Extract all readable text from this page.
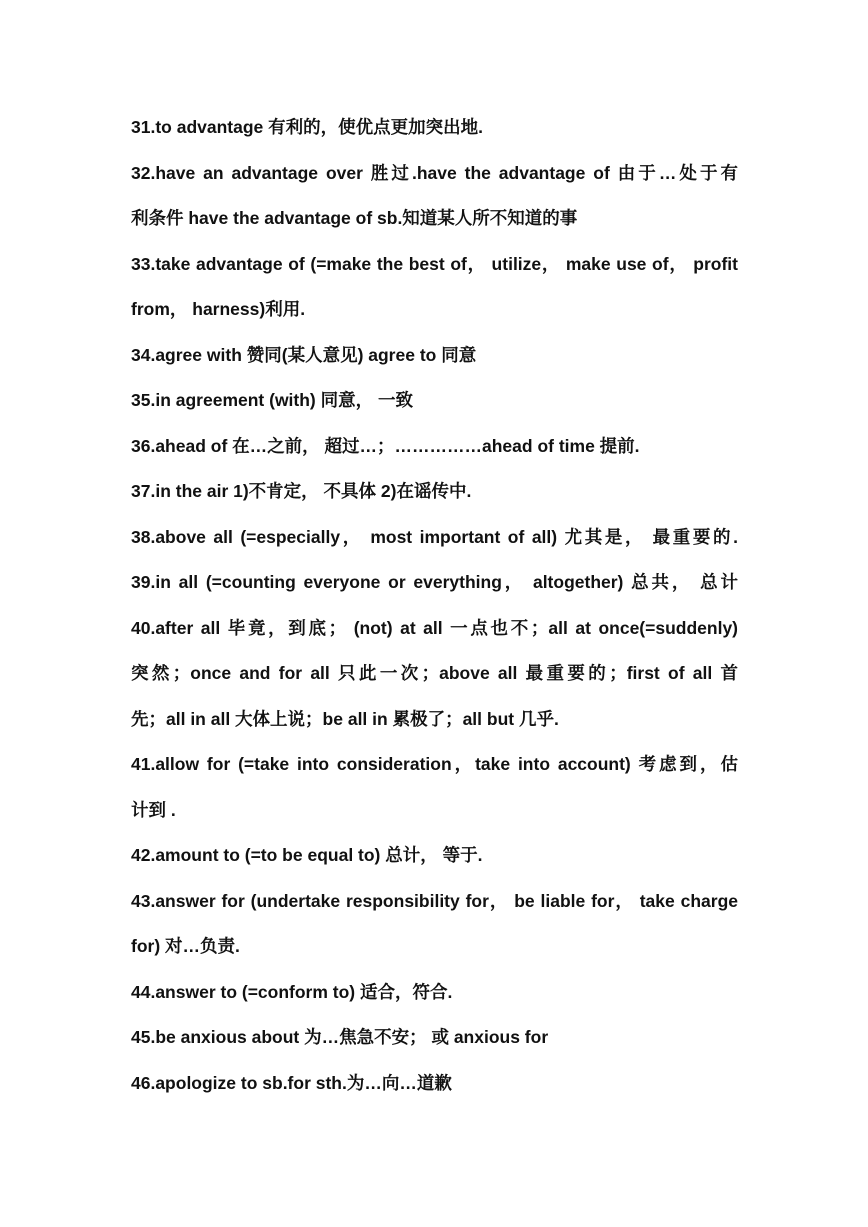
31.to advantage 有利的，使优点更加突出地.
32.have an advantage over 胜过.have the advantage of 由于…处于有
利条件 have the advantage of sb.知道某人所不知道的事
33.take advantage of (=make the best of， utilize， make use of， profit
from， harness)利用.
34.agree with 赞同(某人意见) agree to 同意
35.in agreement (with) 同意， 一致
36.ahead of 在…之前， 超过…；……………ahead of time 提前.
37.in the air 1)不肯定， 不具体 2)在谣传中.
38.above all (=especially， most important of all) 尤其是， 最重要的.
39.in all (=counting everyone or everything， altogether) 总共， 总计
40.after all 毕竟，到底； (not) at all 一点也不；all at once(=suddenly)
突然；once and for all 只此一次；above all 最重要的；first of all 首
先；all in all 大体上说；be all in 累极了；all but 几乎.
41.allow for (=take into consideration，take into account) 考虑到，估
计到 .
42.amount to (=to be equal to) 总计， 等于.
43.answer for (undertake responsibility for， be liable for， take charge
for) 对…负责.
44.answer to (=conform to) 适合，符合.
45.be anxious about 为…焦急不安； 或 anxious for
46.apologize to sb.for sth.为…向…道歉
